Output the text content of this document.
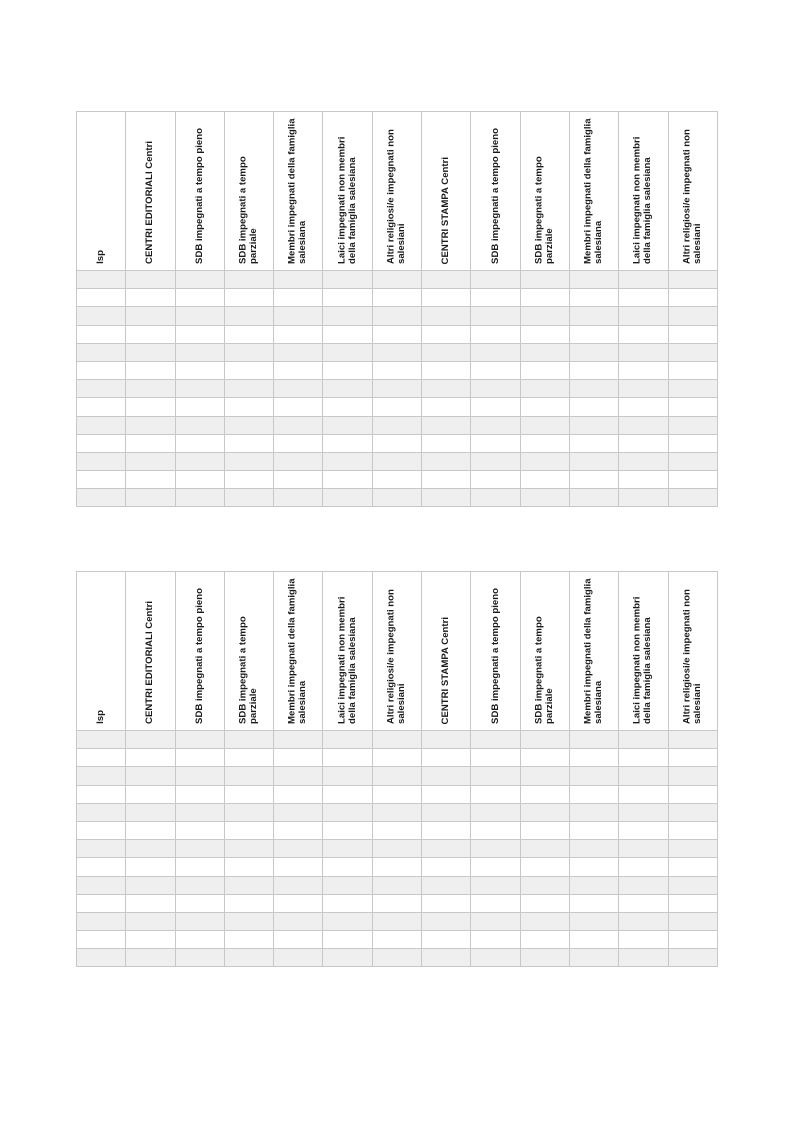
Isp	CENTRI EDITORIALI Centri	SDB impegnati a tempo pieno	SDB impegnati a tempo parziale	Membri impegnati della famiglia salesiana	Laici impegnati non membri della famiglia salesiana	Altri religiosi/e impegnati non salesiani	CENTRI STAMPA Centri	SDB impegnati a tempo pieno	SDB impegnati a tempo parziale	Membri impegnati della famiglia salesiana	Laici impegnati non membri della famiglia salesiana	Altri religiosi/e impegnati non salesiani

Isp	CENTRI EDITORIALI Centri	SDB impegnati a tempo pieno	SDB impegnati a tempo parziale	Membri impegnati della famiglia salesiana	Laici impegnati non membri della famiglia salesiana	Altri religiosi/e impegnati non salesiani	CENTRI STAMPA Centri	SDB impegnati a tempo pieno	SDB impegnati a tempo parziale	Membri impegnati della famiglia salesiana	Laici impegnati non membri della famiglia salesiana	Altri religiosi/e impegnati non salesiani
